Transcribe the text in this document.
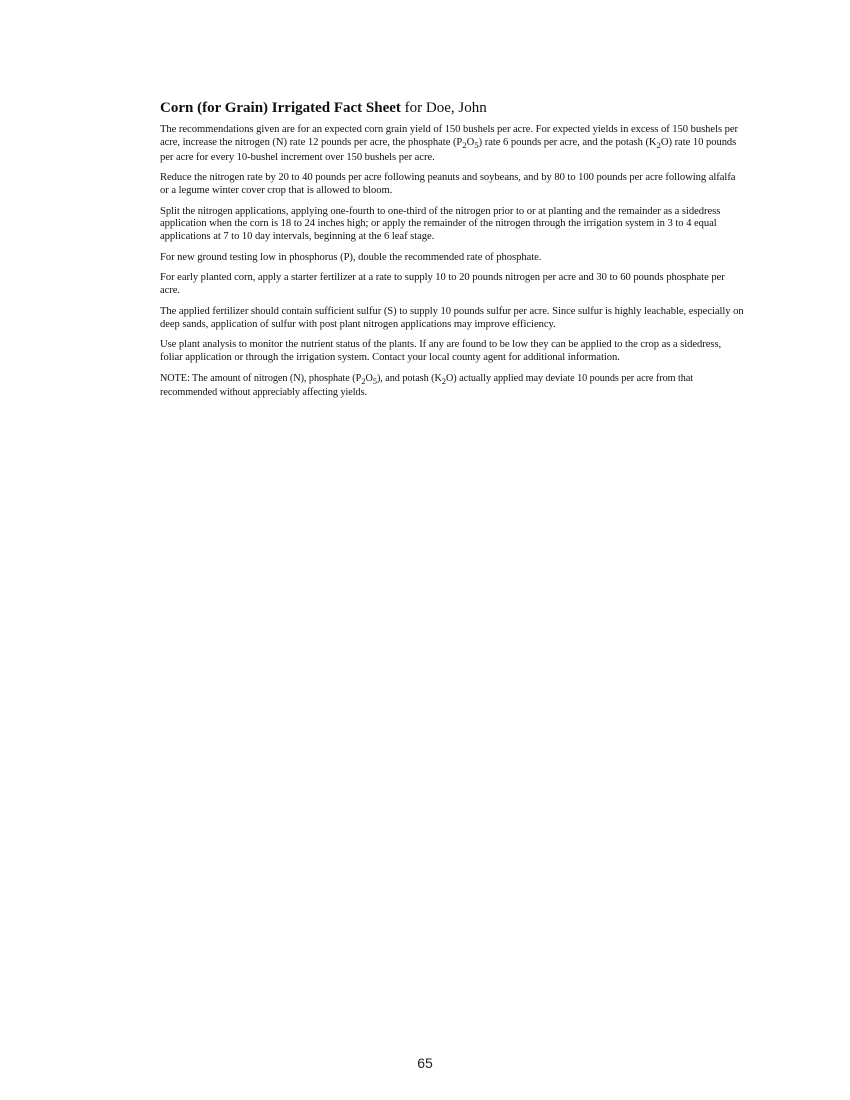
Corn (for Grain) Irrigated Fact Sheet for Doe, John

The recommendations given are for an expected corn grain yield of 150 bushels per acre. For expected yields in excess of 150 bushels per acre, increase the nitrogen (N) rate 12 pounds per acre, the phosphate $(P_2O_5)$ rate 6 pounds per acre, and the potash $(K_2O)$ rate 10 pounds per acre for every 10-bushel increment over 150 bushels per acre.

Reduce the nitrogen rate by 20 to 40 pounds per acre following peanuts and soybeans, and by 80 to 100 pounds per acre following alfalfa or a legume winter cover crop that is allowed to bloom.

Split the nitrogen applications, applying one-fourth to one-third of the nitrogen prior to or at planting and the remainder as a sidedress application when the corn is 18 to 24 inches high; or apply the remainder of the nitrogen through the irrigation system in 3 to 4 equal applications at 7 to 10 day intervals, beginning at the 6 leaf stage.

For new ground testing low in phosphorus (P), double the recommended rate of phosphate.

For early planted corn, apply a starter fertilizer at a rate to supply 10 to 20 pounds nitrogen per acre and 30 to 60 pounds phosphate per acre.

The applied fertilizer should contain sufficient sulfur (S) to supply 10 pounds sulfur per acre. Since sulfur is highly leachable, especially on deep sands, application of sulfur with post plant nitrogen applications may improve efficiency.

Use plant analysis to monitor the nutrient status of the plants. If any are found to be low they can be applied to the crop as a sidedress, foliar application or through the irrigation system. Contact your local county agent for additional information.

NOTE: The amount of nitrogen (N), phosphate $(P_2O_5)$, and potash $(K_2O)$ actually applied may deviate 10 pounds per acre from that recommended without appreciably affecting yields.

65
